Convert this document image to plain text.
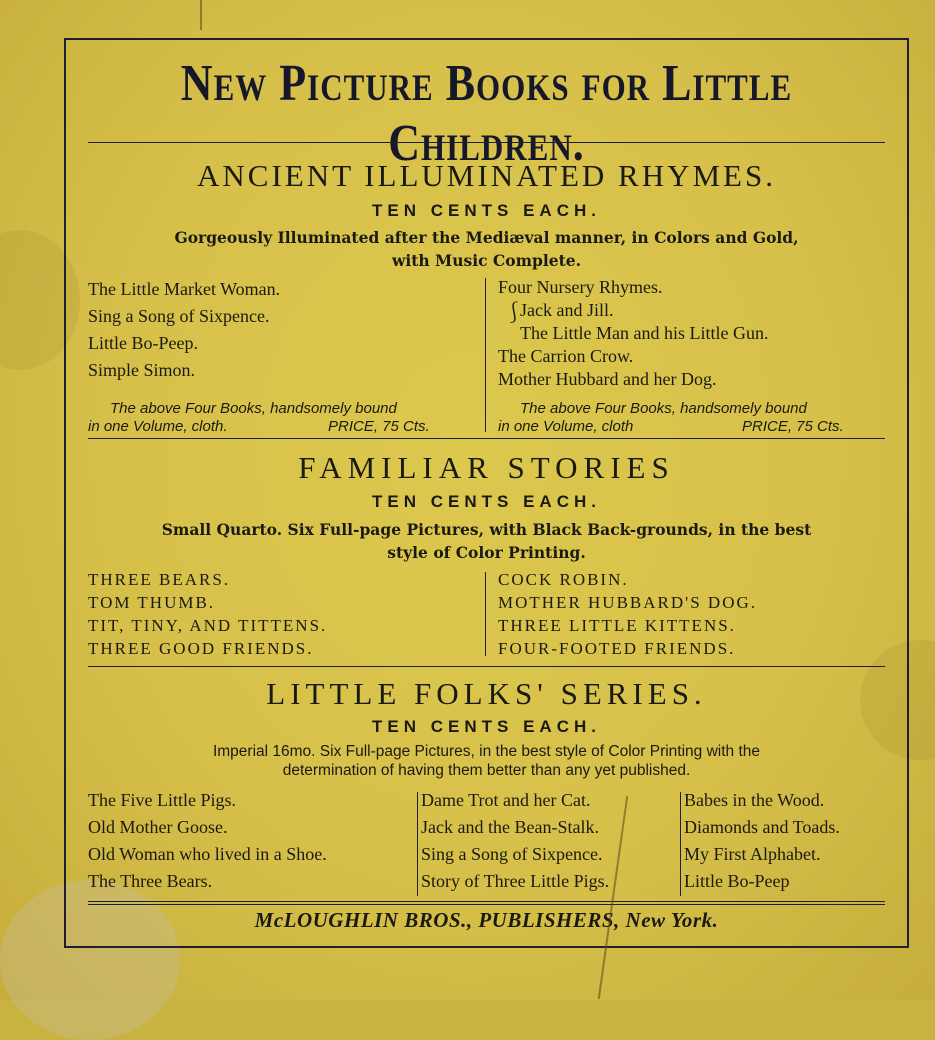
New Picture Books for Little Children.
ANCIENT ILLUMINATED RHYMES.
TEN CENTS EACH.
Gorgeously Illuminated after the Mediæval manner, in Colors and Gold,
with Music Complete.
The Little Market Woman.
Sing a Song of Sixpence.
Little Bo-Peep.
Simple Simon.
Four Nursery Rhymes.
Jack and Jill.
The Little Man and his Little Gun.
The Carrion Crow.
Mother Hubbard and her Dog.
⎰
The above Four Books, handsomely bound
in one Volume, cloth.	PRICE, 75 Cts.
The above Four Books, handsomely bound
in one Volume, cloth	PRICE, 75 Cts.
FAMILIAR STORIES
TEN CENTS EACH.
Small Quarto. Six Full-page Pictures, with Black Back-grounds, in the best
style of Color Printing.
THREE BEARS.
TOM THUMB.
TIT, TINY, AND TITTENS.
THREE GOOD FRIENDS.
COCK ROBIN.
MOTHER HUBBARD'S DOG.
THREE LITTLE KITTENS.
FOUR-FOOTED FRIENDS.
LITTLE FOLKS' SERIES.
TEN CENTS EACH.
Imperial 16mo. Six Full-page Pictures, in the best style of Color Printing with the
determination of having them better than any yet published.
The Five Little Pigs.
Old Mother Goose.
Old Woman who lived in a Shoe.
The Three Bears.
Dame Trot and her Cat.
Jack and the Bean-Stalk.
Sing a Song of Sixpence.
Story of Three Little Pigs.
Babes in the Wood.
Diamonds and Toads.
My First Alphabet.
Little Bo-Peep
McLOUGHLIN BROS., PUBLISHERS, New York.
